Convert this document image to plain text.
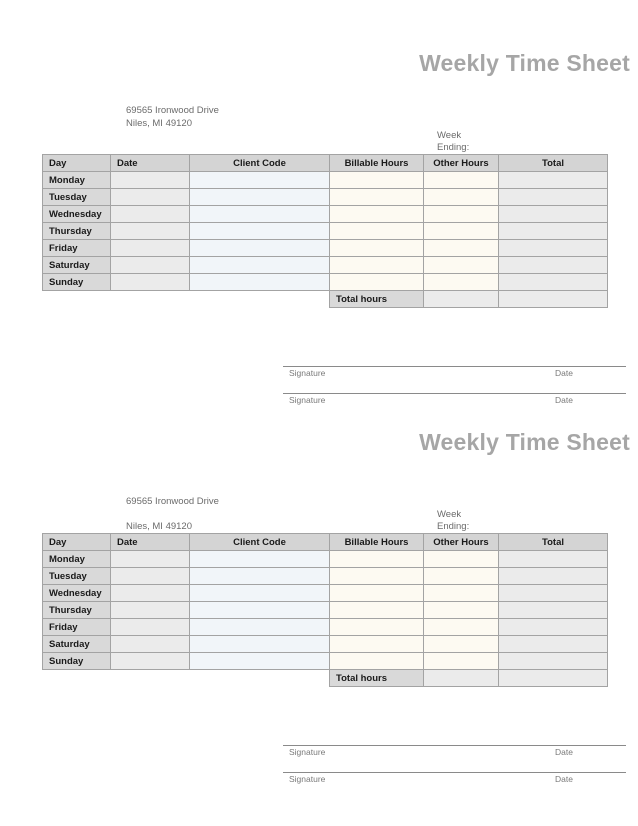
Weekly Time Sheet
69565 Ironwood Drive
Niles, MI 49120
Week
Ending:
Day	Date	Client Code	Billable Hours	Other Hours	Total
Monday					
Tuesday					
Wednesday					
Thursday					
Friday					
Saturday					
Sunday					
			Total hours		
Signature	Date
Signature	Date
Weekly Time Sheet
69565 Ironwood Drive
Niles, MI 49120
Week
Ending:
Day	Date	Client Code	Billable Hours	Other Hours	Total
Monday					
Tuesday					
Wednesday					
Thursday					
Friday					
Saturday					
Sunday					
			Total hours		
Signature	Date
Signature	Date
